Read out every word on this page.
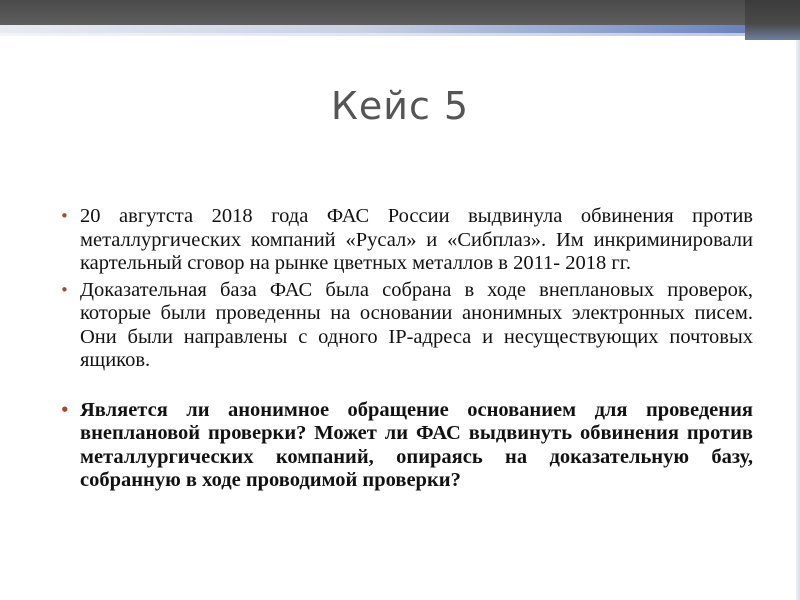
Кейс 5

• 20 авгутста 2018 года ФАС России выдвинула обвинения против металлургических компаний «Русал» и «Сибплаз». Им инкриминировали картельный сговор на рынке цветных металлов в 2011- 2018 гг.

• Доказательная база ФАС была собрана в ходе внеплановых проверок, которые были проведенны на основании анонимных электронных писем. Они были направлены с одного IP-адреса и несуществующих почтовых ящиков.

• Является ли анонимное обращение основанием для проведения внеплановой проверки? Может ли ФАС выдвинуть обвинения против металлургических компаний, опираясь на доказательную базу, собранную в ходе проводимой проверки?
